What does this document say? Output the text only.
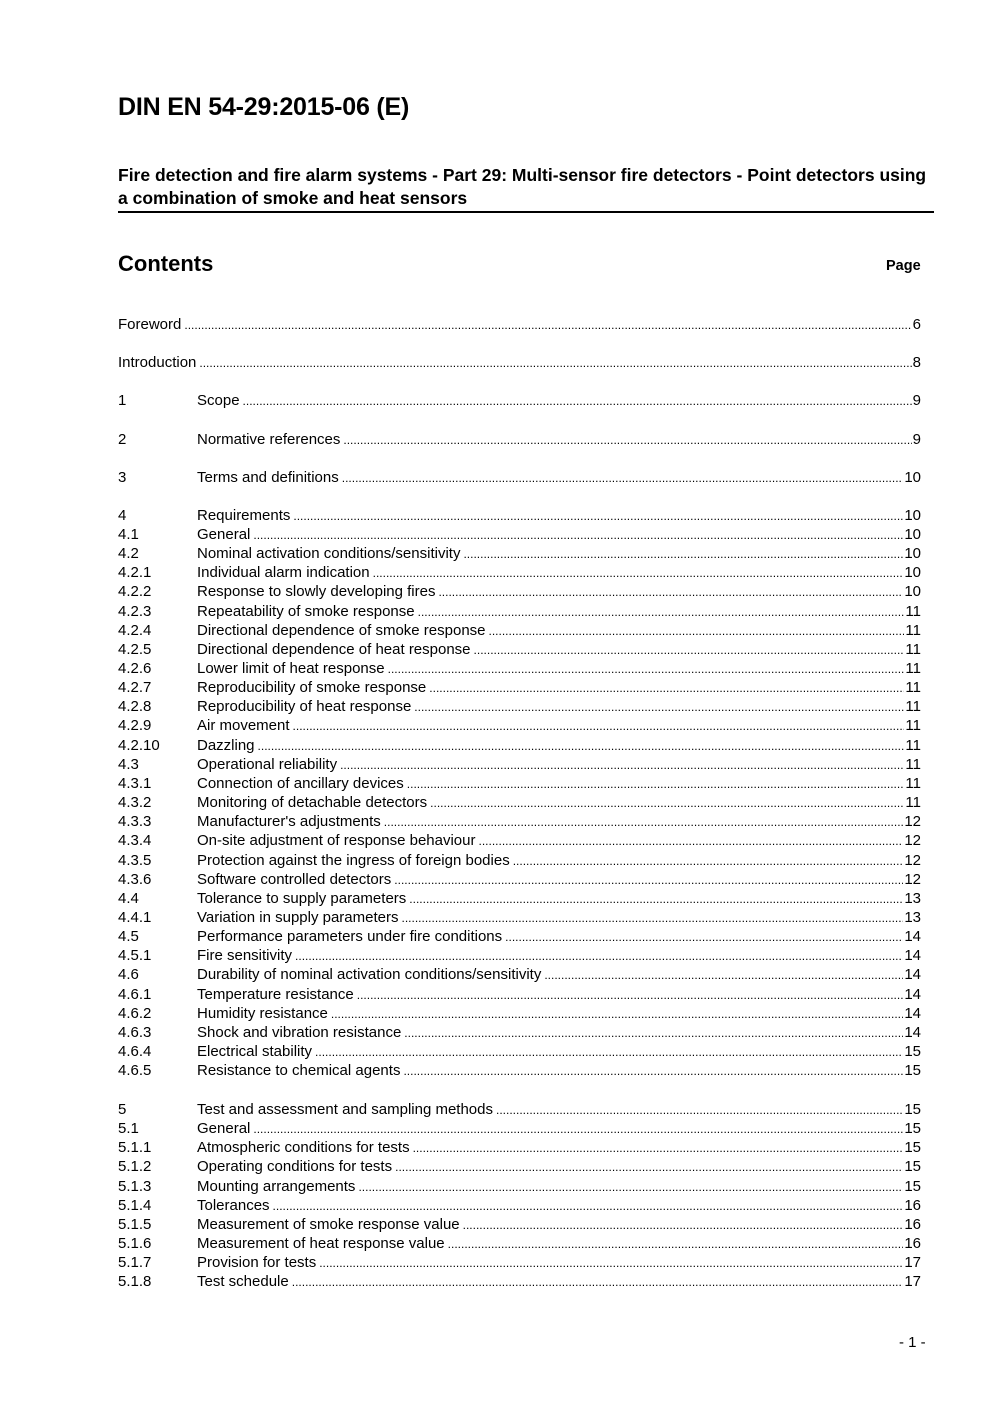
DIN EN 54-29:2015-06 (E)
Fire detection and fire alarm systems - Part 29: Multi-sensor fire detectors - Point detectors using a combination of smoke and heat sensors
Contents	Page
Foreword .....	6
Introduction .....	8
1	Scope .....	9
2	Normative references .....	9
3	Terms and definitions .....	10
4	Requirements .....	10
4.1	General .....	10
4.2	Nominal activation conditions/sensitivity .....	10
4.2.1	Individual alarm indication .....	10
4.2.2	Response to slowly developing fires .....	10
4.2.3	Repeatability of smoke response .....	11
4.2.4	Directional dependence of smoke response .....	11
4.2.5	Directional dependence of heat response .....	11
4.2.6	Lower limit of heat response .....	11
4.2.7	Reproducibility of smoke response .....	11
4.2.8	Reproducibility of heat response .....	11
4.2.9	Air movement .....	11
4.2.10	Dazzling .....	11
4.3	Operational reliability .....	11
4.3.1	Connection of ancillary devices .....	11
4.3.2	Monitoring of detachable detectors .....	11
4.3.3	Manufacturer's adjustments .....	12
4.3.4	On-site adjustment of response behaviour .....	12
4.3.5	Protection against the ingress of foreign bodies .....	12
4.3.6	Software controlled detectors .....	12
4.4	Tolerance to supply parameters .....	13
4.4.1	Variation in supply parameters .....	13
4.5	Performance parameters under fire conditions .....	14
4.5.1	Fire sensitivity .....	14
4.6	Durability of nominal activation conditions/sensitivity .....	14
4.6.1	Temperature resistance .....	14
4.6.2	Humidity resistance .....	14
4.6.3	Shock and vibration resistance .....	14
4.6.4	Electrical stability .....	15
4.6.5	Resistance to chemical agents .....	15
5	Test and assessment and sampling methods .....	15
5.1	General .....	15
5.1.1	Atmospheric conditions for tests .....	15
5.1.2	Operating conditions for tests .....	15
5.1.3	Mounting arrangements .....	15
5.1.4	Tolerances .....	16
5.1.5	Measurement of smoke response value .....	16
5.1.6	Measurement of heat response value .....	16
5.1.7	Provision for tests .....	17
5.1.8	Test schedule .....	17
- 1 -
